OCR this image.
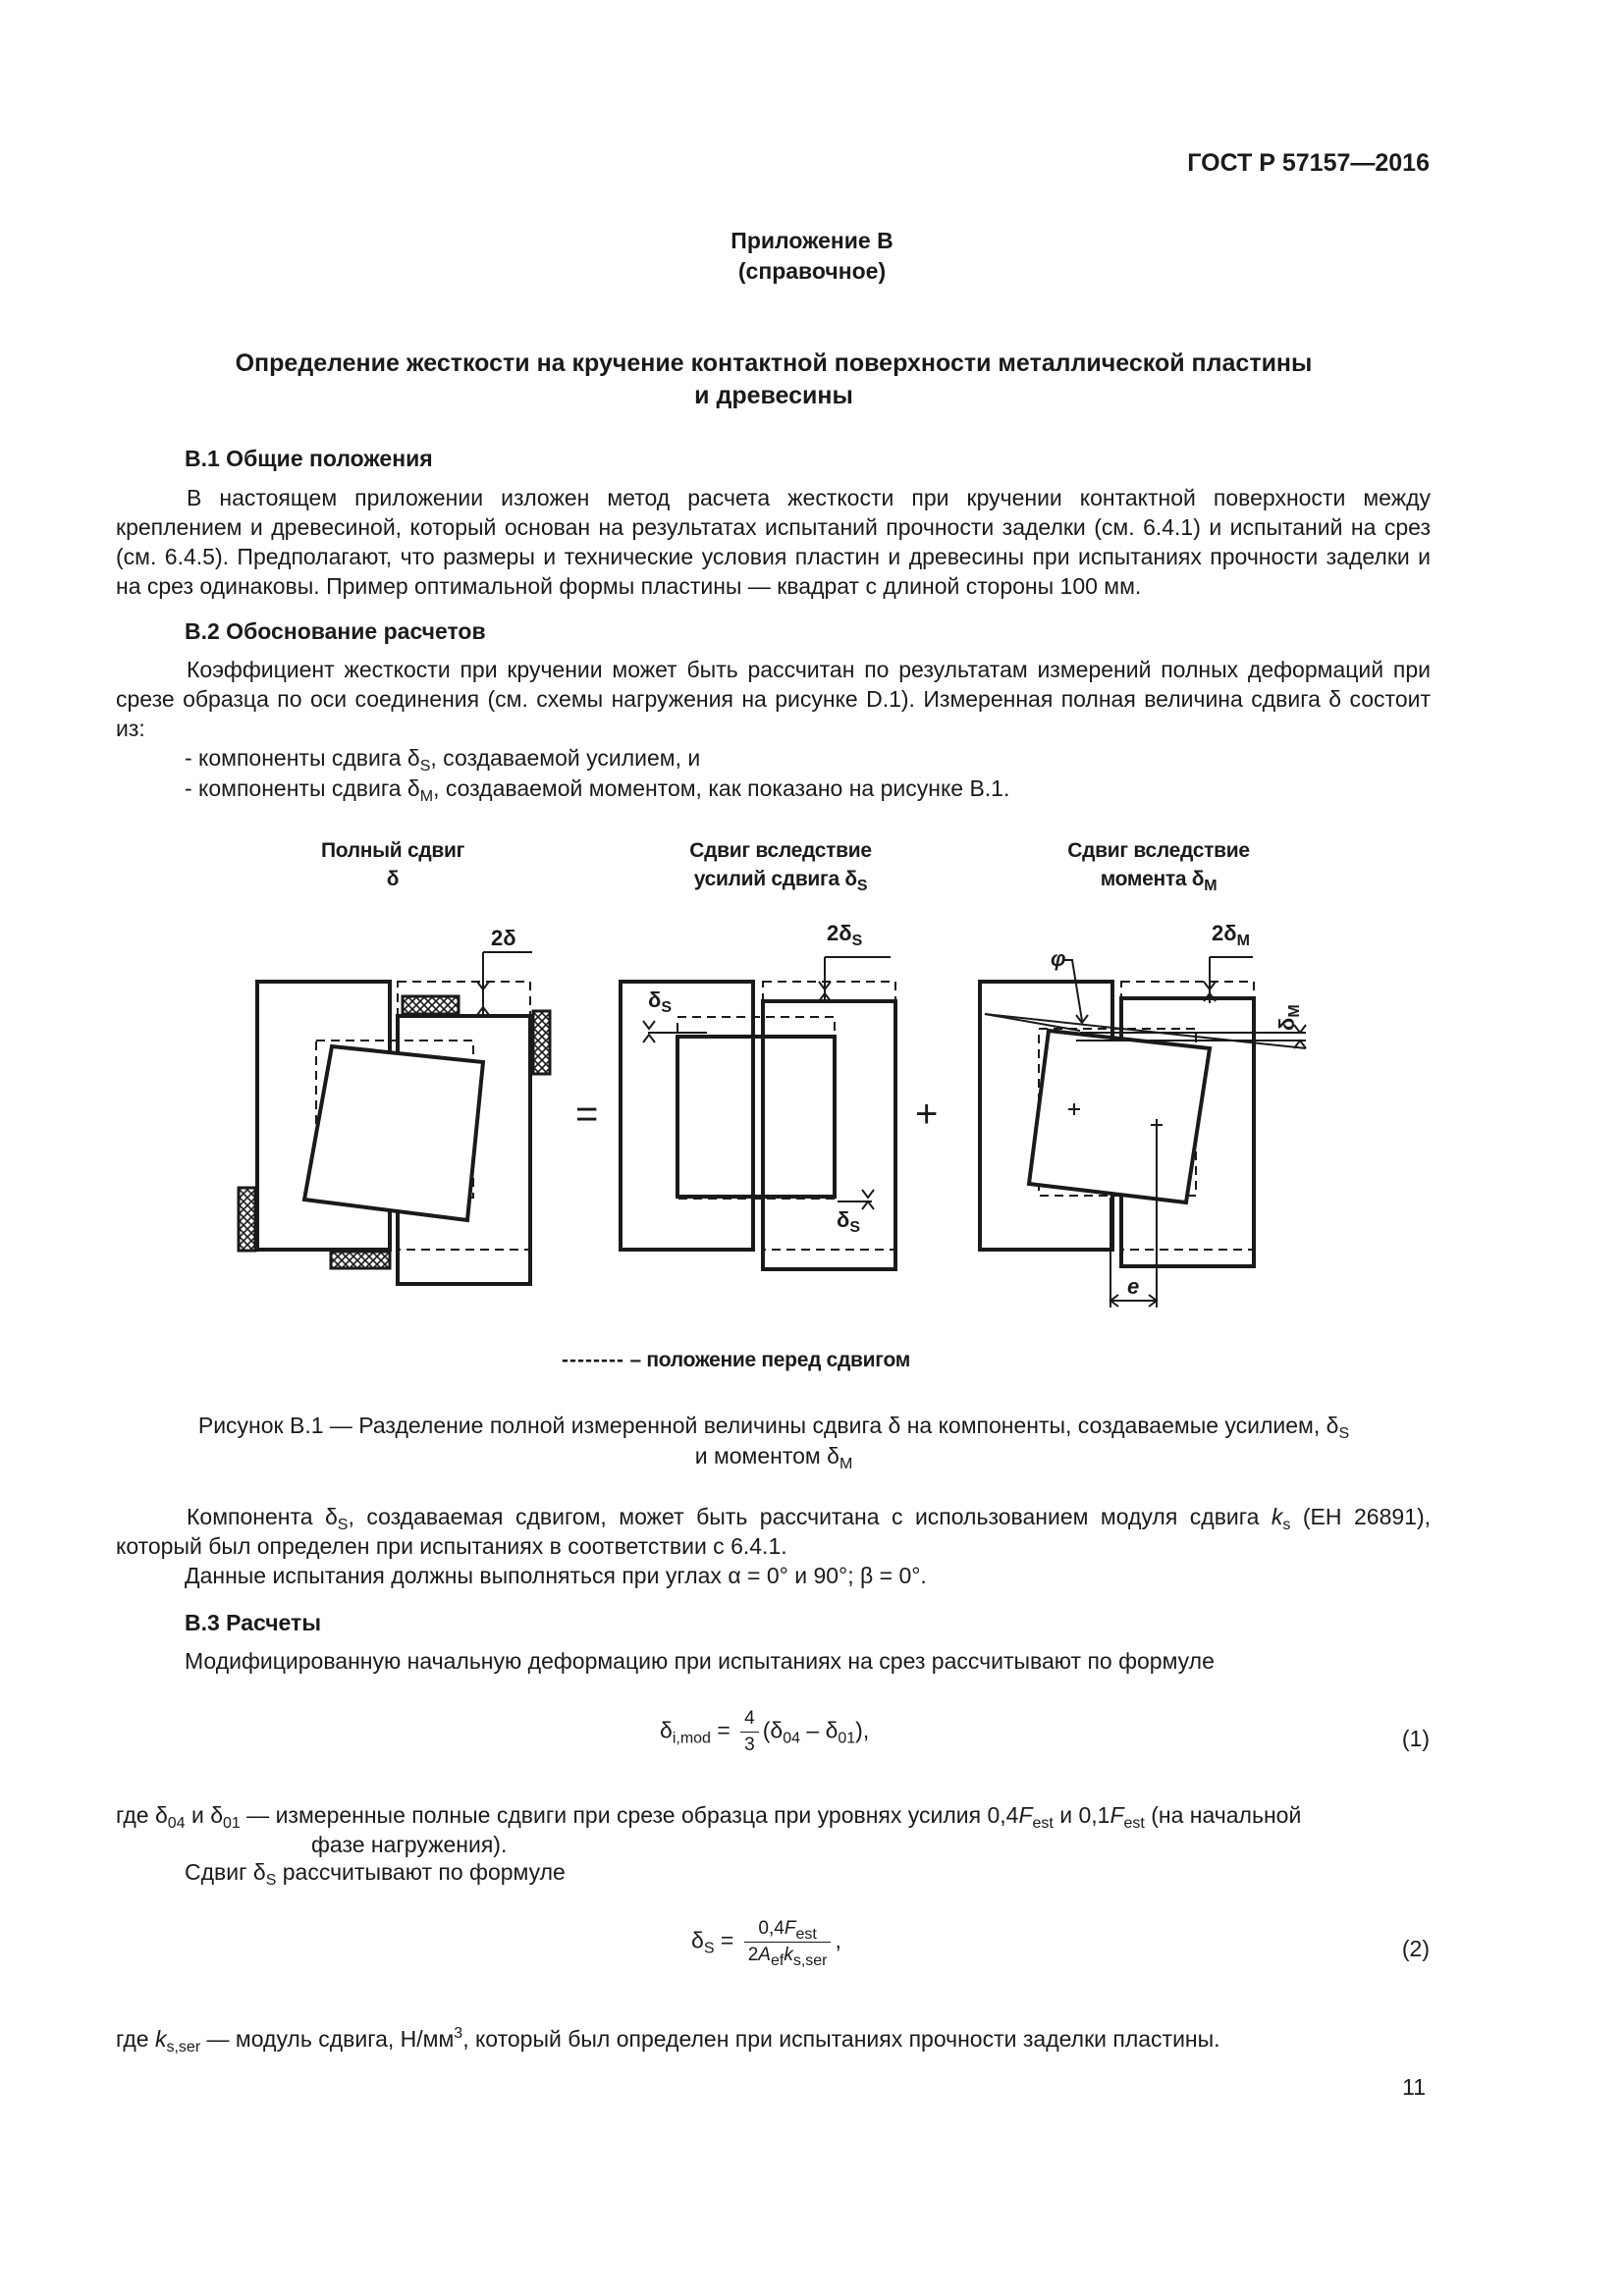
ГОСТ Р 57157—2016
Приложение В
(справочное)
Определение жесткости на кручение контактной поверхности металлической пластины
и древесины
В.1 Общие положения

В настоящем приложении изложен метод расчета жесткости при кручении контактной поверхности между креплением и древесиной, который основан на результатах испытаний прочности заделки (см. 6.4.1) и испытаний на срез (см. 6.4.5). Предполагают, что размеры и технические условия пластин и древесины при испытаниях прочности заделки и на срез одинаковы. Пример оптимальной формы пластины — квадрат с длиной стороны 100 мм.

В.2 Обоснование расчетов

Коэффициент жесткости при кручении может быть рассчитан по результатам измерений полных деформаций при срезе образца по оси соединения (см. схемы нагружения на рисунке D.1). Измеренная полная величина сдвига δ состоит из:

- компоненты сдвига $\delta_S$, создаваемой усилием, и
- компоненты сдвига $\delta_M$, создаваемой моментом, как показано на рисунке В.1.
Полный сдвиг
δ
Сдвиг вследствие
усилий сдвига $\delta_S$
Сдвиг вследствие
момента $\delta_M$
=	+
2δ	$2\delta_S$
$\delta_S$
$\delta_S$
$2\delta_M$
φ
$\delta_M$
e
-------- – положение перед сдвигом
Рисунок В.1 — Разделение полной измеренной величины сдвига δ на компоненты, создаваемые усилием, $\delta_S$
и моментом $\delta_M$

Компонента $\delta_S$, создаваемая сдвигом, может быть рассчитана с использованием модуля сдвига $k_s$ (ЕН 26891), который был определен при испытаниях в соответствии с 6.4.1.

Данные испытания должны выполняться при углах α = 0° и 90°; β = 0°.
В.3 Расчеты
Модифицированную начальную деформацию при испытаниях на срез рассчитывают по формуле
$\delta_{i,mod} = \frac{4}{3} (\delta_{04} - \delta_{01})$,	(1)
где $\delta_{04}$ и $\delta_{01}$ — измеренные полные сдвиги при срезе образца при уровнях усилия $0,4F_{est}$ и $0,1F_{est}$ (на начальной
фазе нагружения).
Сдвиг $\delta_S$ рассчитывают по формуле
$\delta_S = \frac{0,4F_{est}}{2A_{ef}k_{s,ser}}$ ,	(2)
где $k_{s,ser}$ — модуль сдвига, $Н/мм^3$, который был определен при испытаниях прочности заделки пластины.
11
